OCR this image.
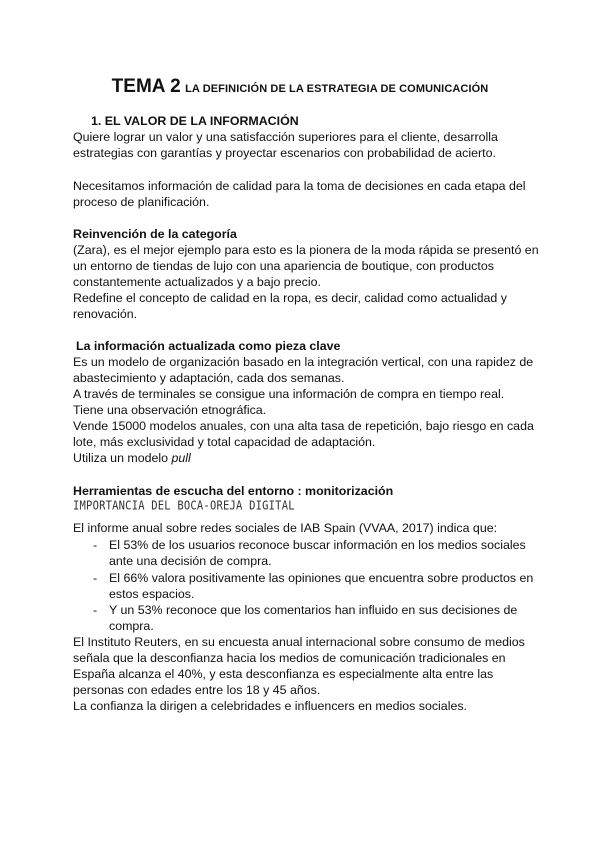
TEMA 2 LA DEFINICIÓN DE LA ESTRATEGIA DE COMUNICACIÓN
1. EL VALOR DE LA INFORMACIÓN
Quiere lograr un valor y una satisfacción superiores para el cliente, desarrolla
estrategias con garantías y proyectar escenarios con probabilidad de acierto.
Necesitamos información de calidad para la toma de decisiones en cada etapa del
proceso de planificación.
Reinvención de la categoría
(Zara), es el mejor ejemplo para esto es la pionera de la moda rápida se presentó en
un entorno de tiendas de lujo con una apariencia de boutique, con productos
constantemente actualizados y a bajo precio.
Redefine el concepto de calidad en la ropa, es decir, calidad como actualidad y
renovación.
La información actualizada como pieza clave
Es un modelo de organización basado en la integración vertical, con una rapidez de
abastecimiento y adaptación, cada dos semanas.
A través de terminales se consigue una información de compra en tiempo real.
Tiene una observación etnográfica.
Vende 15000 modelos anuales, con una alta tasa de repetición, bajo riesgo en cada
lote, más exclusividad y total capacidad de adaptación.
Utiliza un modelo pull
Herramientas de escucha del entorno : monitorización
IMPORTANCIA DEL BOCA-OREJA DIGITAL
El informe anual sobre redes sociales de IAB Spain (VVAA, 2017) indica que:
- El 53% de los usuarios reconoce buscar información en los medios sociales
ante una decisión de compra.
- El 66% valora positivamente las opiniones que encuentra sobre productos en
estos espacios.
- Y un 53% reconoce que los comentarios han influido en sus decisiones de
compra.
El Instituto Reuters, en su encuesta anual internacional sobre consumo de medios
señala que la desconfianza hacia los medios de comunicación tradicionales en
España alcanza el 40%, y esta desconfianza es especialmente alta entre las
personas con edades entre los 18 y 45 años.
La confianza la dirigen a celebridades e influencers en medios sociales.
